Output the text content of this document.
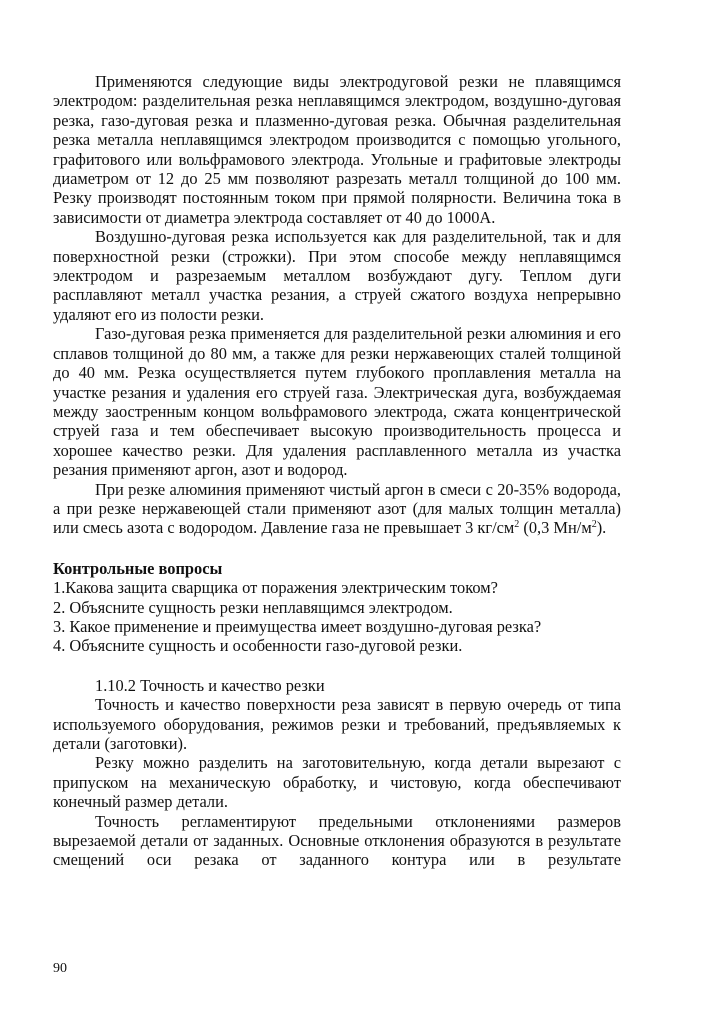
Применяются следующие виды электродуговой резки не плавящимся электродом: разделительная резка неплавящимся электродом, воздушно-дуговая резка, газо-дуговая резка и плазменно-дуговая резка. Обычная разделительная резка металла неплавящимся электродом производится с помощью угольного, графитового или вольфрамового электрода. Угольные и графитовые электроды диаметром от 12 до 25 мм позволяют разрезать металл толщиной до 100 мм. Резку производят постоянным током при прямой полярности. Величина тока в зависимости от диаметра электрода составляет от 40 до 1000А.

Воздушно-дуговая резка используется как для разделительной, так и для поверхностной резки (строжки). При этом способе между неплавящимся электродом и разрезаемым металлом возбуждают дугу. Теплом дуги расплавляют металл участка резания, а струей сжатого воздуха непрерывно удаляют его из полости резки.

Газо-дуговая резка применяется для разделительной резки алюминия и его сплавов толщиной до 80 мм, а также для резки нержавеющих сталей толщиной до 40 мм. Резка осуществляется путем глубокого проплавления металла на участке резания и удаления его струей газа. Электрическая дуга, возбуждаемая между заостренным концом вольфрамового электрода, сжата концентрической струей газа и тем обеспечивает высокую производительность процесса и хорошее качество резки. Для удаления расплавленного металла из участка резания применяют аргон, азот и водород.

При резке алюминия применяют чистый аргон в смеси с 20-35% водорода, а при резке нержавеющей стали применяют азот (для малых толщин металла) или смесь азота с водородом. Давление газа не превышает 3 $кг/см^2$ (0,3 $Мн/м^2$).

Контрольные вопросы
1.Какова защита сварщика от поражения электрическим током?
2. Объясните сущность резки неплавящимся электродом.
3. Какое применение и преимущества имеет воздушно-дуговая резка?
4. Объясните сущность и особенности газо-дуговой резки.
1.10.2 Точность и качество резки

Точность и качество поверхности реза зависят в первую очередь от типа используемого оборудования, режимов резки и требований, предъявляемых к детали (заготовки).

Резку можно разделить на заготовительную, когда детали вырезают с припуском на механическую обработку, и чистовую, когда обеспечивают конечный размер детали.

Точность регламентируют предельными отклонениями размеров вырезаемой детали от заданных. Основные отклонения образуются в результате смещений оси резака от заданного контура или в результате

90
